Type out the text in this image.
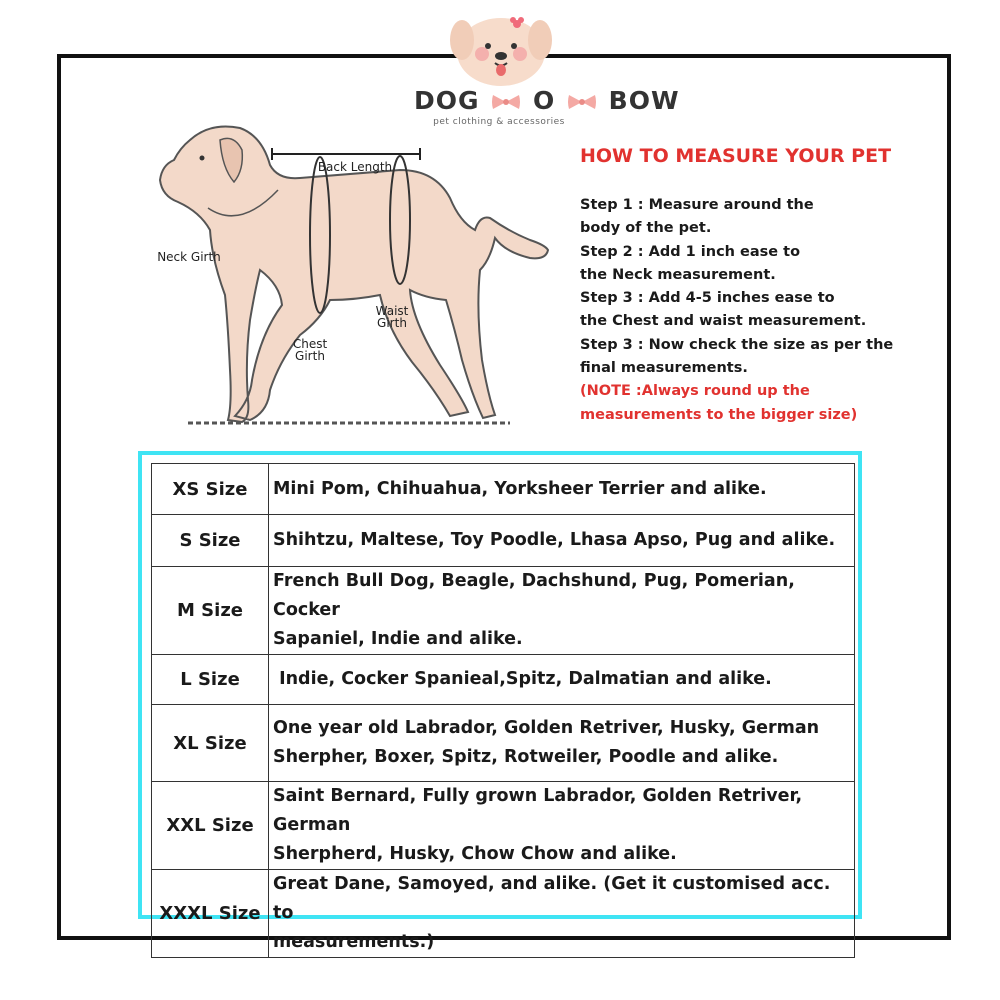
DOG O BOW
pet clothing & accessories
Back Length
Neck Girth
Chest
Girth
Waist
Girth
HOW TO MEASURE YOUR PET

Step 1 : Measure around the

body of the pet.

Step 2 : Add 1 inch ease to

the Neck measurement.

Step 3 : Add 4-5 inches ease to

the Chest and waist measurement.

Step 3 : Now check the size as per the

final measurements.

(NOTE :Always round up the

measurements to the bigger size)

XS Size	Mini Pom, Chihuahua, Yorksheer Terrier and alike.

S Size	Shihtzu, Maltese, Toy Poodle, Lhasa Apso, Pug and alike.

M Size	French Bull Dog, Beagle, Dachshund, Pug, Pomerian, Cocker
Sapaniel, Indie and alike.

L Size	Indie, Cocker Spanieal,Spitz, Dalmatian and alike.

XL Size	One year old Labrador, Golden Retriver, Husky, German
Sherpher, Boxer, Spitz, Rotweiler, Poodle and alike.

XXL Size	Saint Bernard, Fully grown Labrador, Golden Retriver, German
Sherpherd, Husky, Chow Chow and alike.

XXXL Size	Great Dane, Samoyed, and alike. (Get it customised acc. to
measurements.)
